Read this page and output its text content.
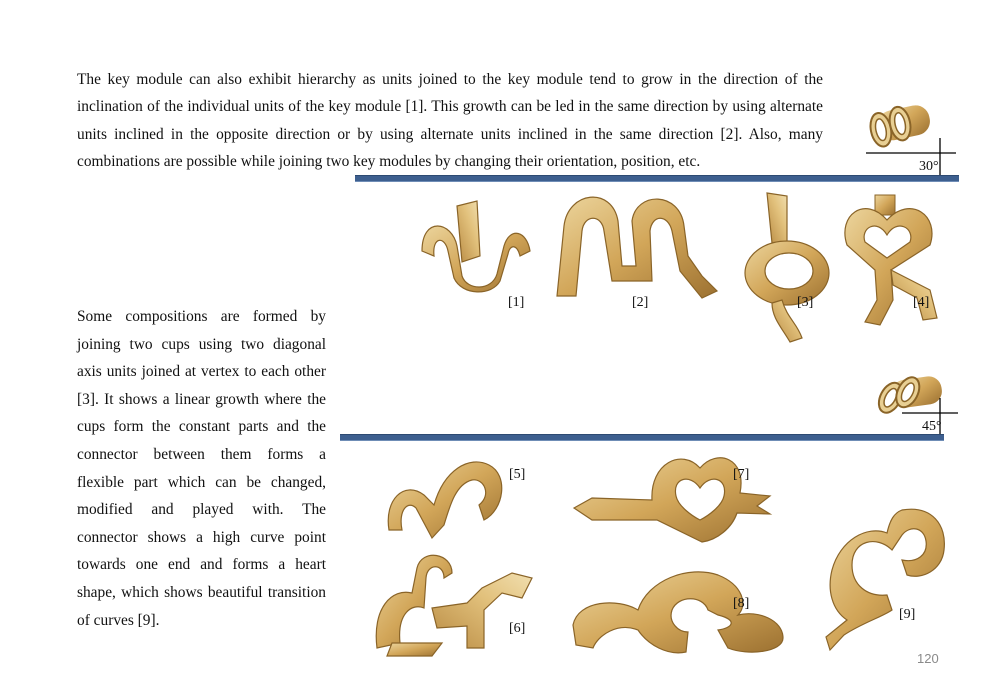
The key module can also exhibit hierarchy as units joined to the key module tend to grow in the direction of the inclination of the individual units of the key module [1]. This growth can be led in the same direction by using alternate units inclined in the opposite direction or by using alternate units inclined in the same direction [2]. Also, many combinations are possible while joining two key modules by changing their orientation, position, etc.	30°
[1]	[2]	[3]	[4]
Some compositions are formed by joining two cups using two diagonal axis units joined at vertex to each other [3]. It shows a linear growth where the cups form the constant parts and the connector between them forms a flexible part which can be changed, modified and played with. The connector shows a high curve point towards one end and forms a heart shape, which shows beautiful transition of curves [9].
45°
[5]
[6]
[7]
[8]
[9]
120
